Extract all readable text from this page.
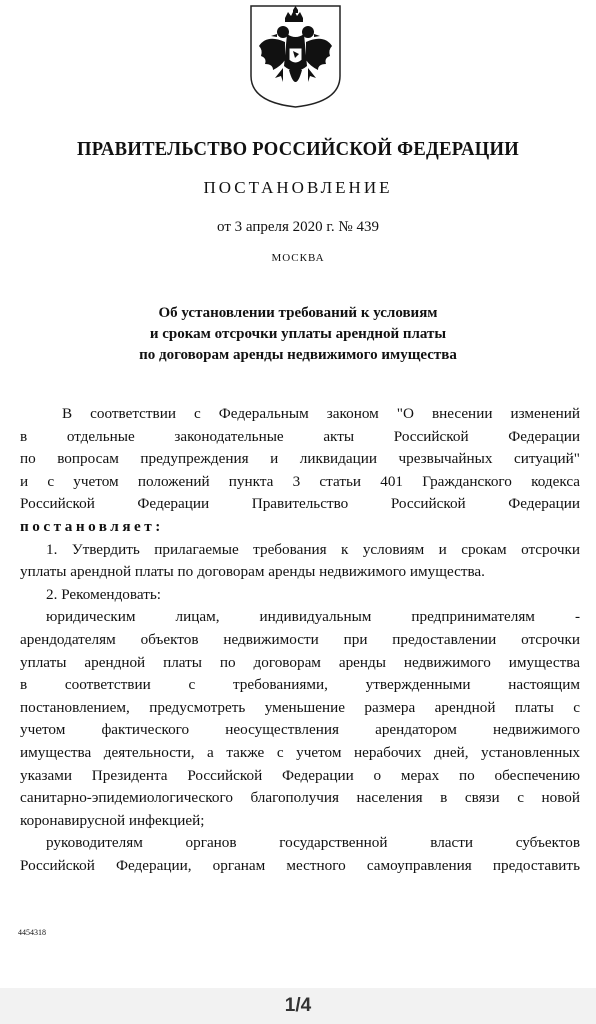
ПРАВИТЕЛЬСТВО РОССИЙСКОЙ ФЕДЕРАЦИИ
ПОСТАНОВЛЕНИЕ
от 3 апреля 2020 г. № 439
МОСКВА
Об установлении требований к условиям
и срокам отсрочки уплаты арендной платы
по договорам аренды недвижимого имущества
В соответствии с Федеральным законом "О внесении изменений
в отдельные законодательные акты Российской Федерации
по вопросам предупреждения и ликвидации чрезвычайных ситуаций"
и с учетом положений пункта 3 статьи 401 Гражданского кодекса
Российской Федерации Правительство Российской Федерации
постановляет:
1. Утвердить прилагаемые требования к условиям и срокам отсрочки
уплаты арендной платы по договорам аренды недвижимого имущества.
2. Рекомендовать:
юридическим лицам, индивидуальным предпринимателям -
арендодателям объектов недвижимости при предоставлении отсрочки
уплаты арендной платы по договорам аренды недвижимого имущества
в соответствии с требованиями, утвержденными настоящим
постановлением, предусмотреть уменьшение размера арендной платы с
учетом фактического неосуществления арендатором недвижимого
имущества деятельности, а также с учетом нерабочих дней, установленных
указами Президента Российской Федерации о мерах по обеспечению
санитарно-эпидемиологического благополучия населения в связи с новой
коронавирусной инфекцией;
руководителям органов государственной власти субъектов
Российской Федерации, органам местного самоуправления предоставить
4454318
1/4
